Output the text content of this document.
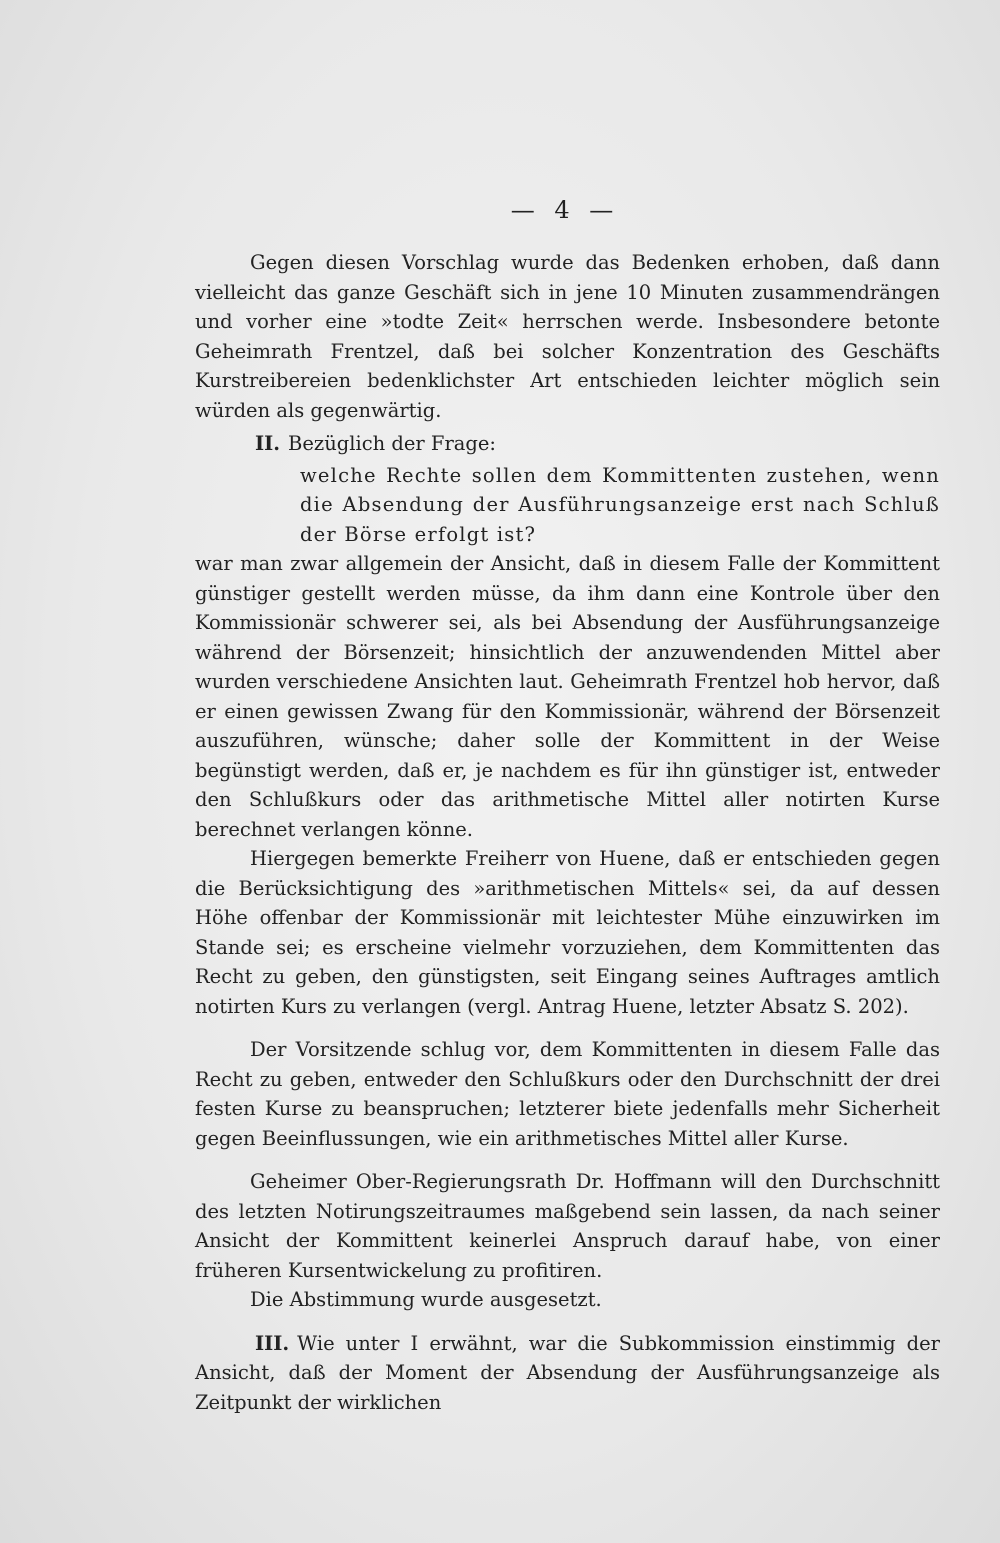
— 4 —

Gegen diesen Vorschlag wurde das Bedenken erhoben, daß dann vielleicht das ganze Geschäft sich in jene 10 Minuten zusammendrängen und vorher eine »todte Zeit« herrschen werde. Insbesondere betonte Geheimrath Frentzel, daß bei solcher Konzentration des Geschäfts Kurstreibereien bedenklichster Art entschieden leichter möglich sein würden als gegenwärtig.

II. Bezüglich der Frage:

welche Rechte sollen dem Kommittenten zustehen, wenn die Absendung der Ausführungsanzeige erst nach Schluß der Börse erfolgt ist?

war man zwar allgemein der Ansicht, daß in diesem Falle der Kommittent günstiger gestellt werden müsse, da ihm dann eine Kontrole über den Kommissionär schwerer sei, als bei Absendung der Ausführungsanzeige während der Börsenzeit; hinsichtlich der anzuwendenden Mittel aber wurden verschiedene Ansichten laut. Geheimrath Frentzel hob hervor, daß er einen gewissen Zwang für den Kommissionär, während der Börsenzeit auszuführen, wünsche; daher solle der Kommittent in der Weise begünstigt werden, daß er, je nachdem es für ihn günstiger ist, entweder den Schlußkurs oder das arithmetische Mittel aller notirten Kurse berechnet verlangen könne.

Hiergegen bemerkte Freiherr von Huene, daß er entschieden gegen die Berücksichtigung des »arithmetischen Mittels« sei, da auf dessen Höhe offenbar der Kommissionär mit leichtester Mühe einzuwirken im Stande sei; es erscheine vielmehr vorzuziehen, dem Kommittenten das Recht zu geben, den günstigsten, seit Eingang seines Auftrages amtlich notirten Kurs zu verlangen (vergl. Antrag Huene, letzter Absatz S. 202).

Der Vorsitzende schlug vor, dem Kommittenten in diesem Falle das Recht zu geben, entweder den Schlußkurs oder den Durchschnitt der drei festen Kurse zu beanspruchen; letzterer biete jedenfalls mehr Sicherheit gegen Beeinflussungen, wie ein arithmetisches Mittel aller Kurse.

Geheimer Ober-Regierungsrath Dr. Hoffmann will den Durchschnitt des letzten Notirungszeitraumes maßgebend sein lassen, da nach seiner Ansicht der Kommittent keinerlei Anspruch darauf habe, von einer früheren Kursentwickelung zu profitiren.

Die Abstimmung wurde ausgesetzt.

III. Wie unter I erwähnt, war die Subkommission einstimmig der Ansicht, daß der Moment der Absendung der Ausführungsanzeige als Zeitpunkt der wirklichen
